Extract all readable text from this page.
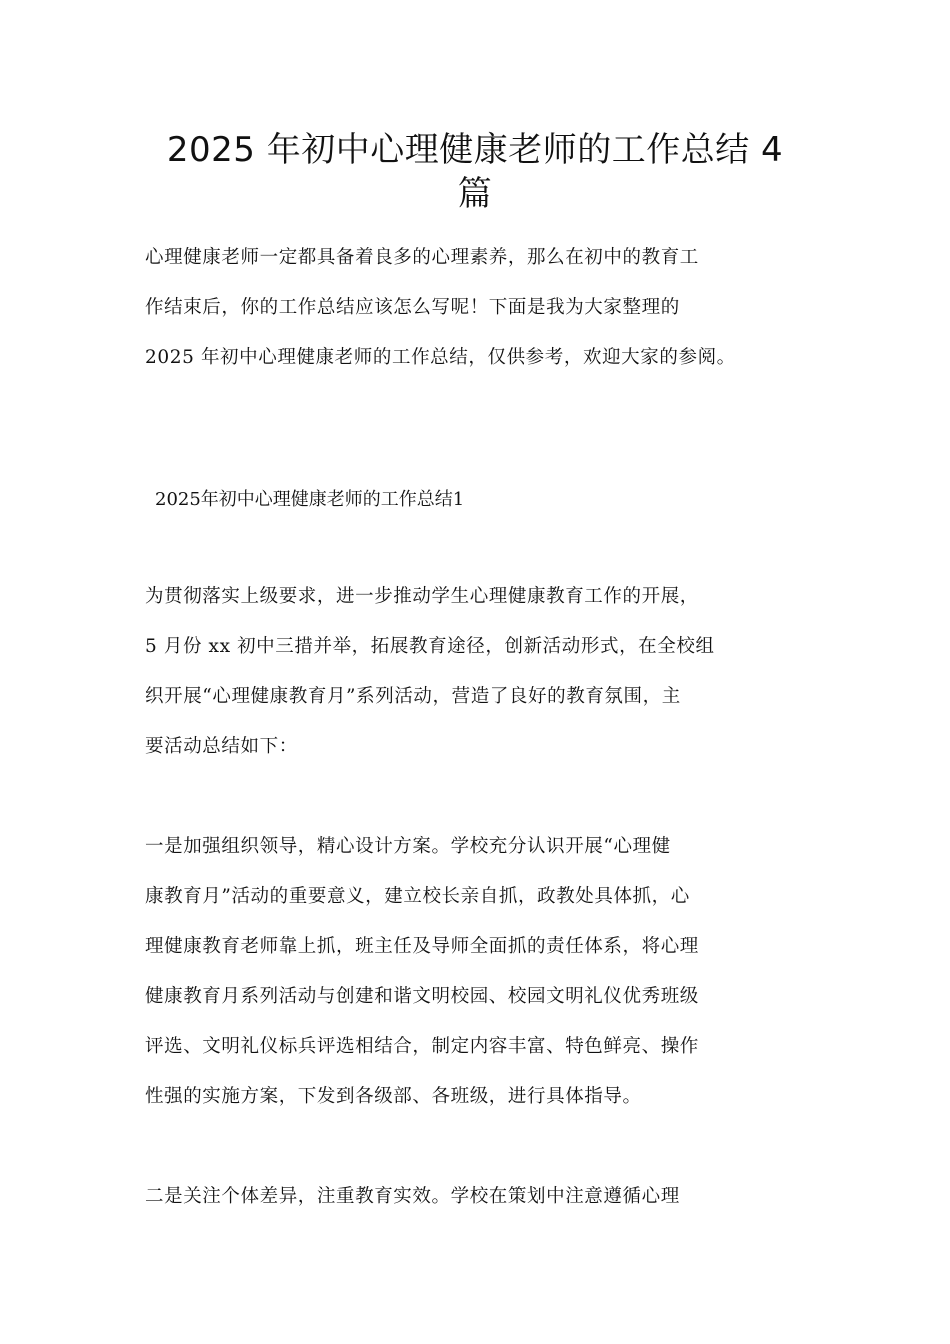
2025 年初中心理健康老师的工作总结 4
篇

心理健康老师一定都具备着良多的心理素养，那么在初中的教育工
作结束后，你的工作总结应该怎么写呢！下面是我为大家整理的
2025 年初中心理健康老师的工作总结，仅供参考，欢迎大家的参阅。

2025年初中心理健康老师的工作总结1

为贯彻落实上级要求，进一步推动学生心理健康教育工作的开展，
5 月份 xx 初中三措并举，拓展教育途径，创新活动形式，在全校组
织开展“心理健康教育月”系列活动，营造了良好的教育氛围，主
要活动总结如下：

一是加强组织领导，精心设计方案。学校充分认识开展“心理健
康教育月”活动的重要意义，建立校长亲自抓，政教处具体抓，心
理健康教育老师靠上抓，班主任及导师全面抓的责任体系，将心理
健康教育月系列活动与创建和谐文明校园、校园文明礼仪优秀班级
评选、文明礼仪标兵评选相结合，制定内容丰富、特色鲜亮、操作
性强的实施方案，下发到各级部、各班级，进行具体指导。

二是关注个体差异，注重教育实效。学校在策划中注意遵循心理
